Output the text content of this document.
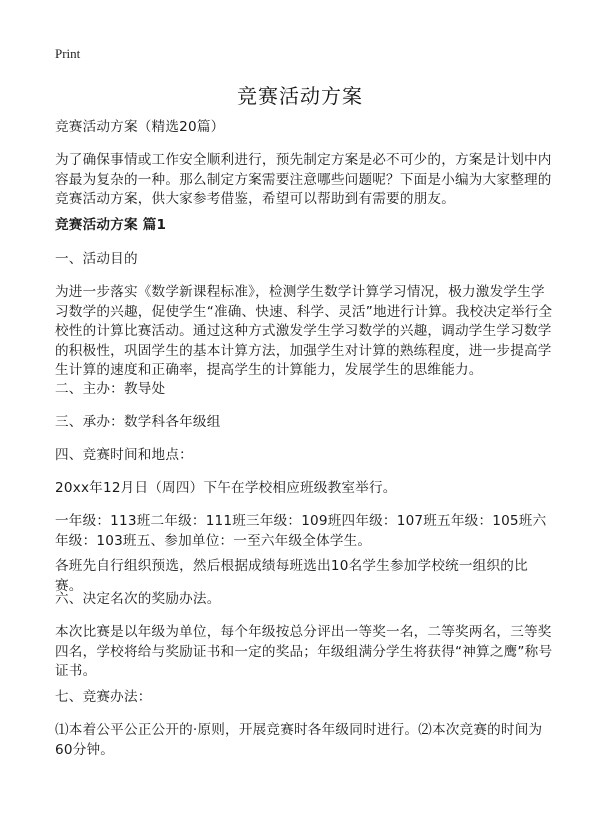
Print
竞赛活动方案

竞赛活动方案（精选20篇）

为了确保事情或工作安全顺利进行，预先制定方案是必不可少的，方案是计划中内容最为复杂的一种。那么制定方案需要注意哪些问题呢？下面是小编为大家整理的竞赛活动方案，供大家参考借鉴，希望可以帮助到有需要的朋友。

竞赛活动方案 篇1

一、活动目的

为进一步落实《数学新课程标准》，检测学生数学计算学习情况，极力激发学生学习数学的兴趣，促使学生“准确、快速、科学、灵活”地进行计算。我校决定举行全校性的计算比赛活动。通过这种方式激发学生学习数学的兴趣，调动学生学习数学的积极性，巩固学生的基本计算方法，加强学生对计算的熟练程度，进一步提高学生计算的速度和正确率，提高学生的计算能力，发展学生的思维能力。

二、主办：教导处

三、承办：数学科各年级组

四、竞赛时间和地点：

20xx年12月日（周四）下午在学校相应班级教室举行。

一年级：113班二年级：111班三年级：109班四年级：107班五年级：105班六年级：103班五、参加单位：一至六年级全体学生。

各班先自行组织预选，然后根据成绩每班选出10名学生参加学校统一组织的比赛。

六、决定名次的奖励办法。

本次比赛是以年级为单位，每个年级按总分评出一等奖一名，二等奖两名，三等奖四名，学校将给与奖励证书和一定的奖品；年级组满分学生将获得“神算之鹰”称号证书。

七、竞赛办法：

⑴本着公平公正公开的·原则，开展竞赛时各年级同时进行。⑵本次竞赛的时间为60分钟。
